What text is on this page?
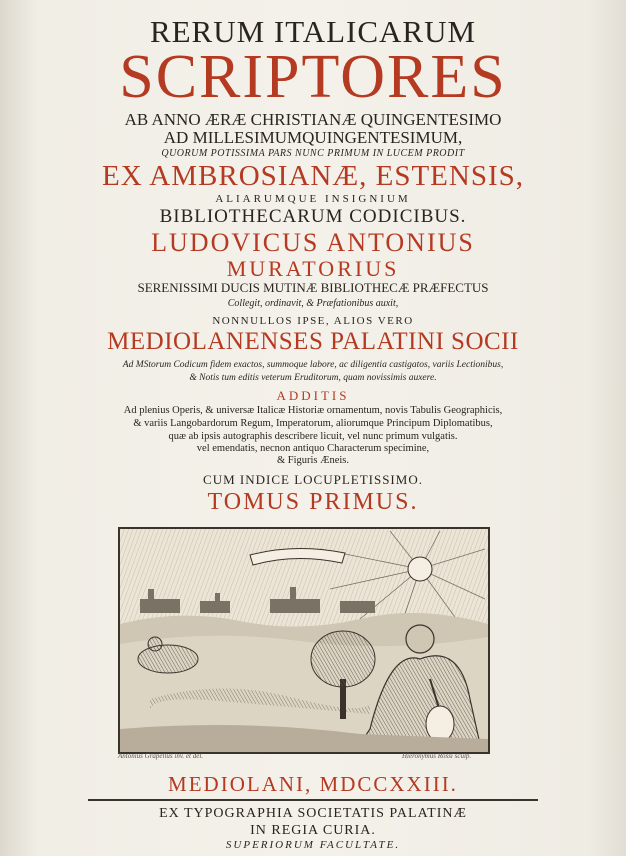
RERUM ITALICARUM
SCRIPTORES
AB ANNO ÆRÆ CHRISTIANÆ QUINGENTESIMO
AD MILLESIMUMQUINGENTESIMUM,
QUORUM POTISSIMA PARS NUNC PRIMUM IN LUCEM PRODIT
EX AMBROSIANÆ, ESTENSIS,
ALIARUMQUE INSIGNIUM
BIBLIOTHECARUM CODICIBUS.
LUDOVICUS ANTONIUS
MURATORIUS
SERENISSIMI DUCIS MUTINÆ BIBLIOTHECÆ PRÆFECTUS
Collegit, ordinavit, & Præfationibus auxit,
NONNULLOS IPSE, ALIOS VERO
MEDIOLANENSES PALATINI SOCII
Ad MStorum Codicum fidem exactos, summoque labore, ac diligentia castigatos, variis Lectionibus,
& Notis tum editis veterum Eruditorum, quam novissimis auxere.
ADDITIS
Ad plenius Operis, & universæ Italicæ Historiæ ornamentum, novis Tabulis Geographicis,
& variis Langobardorum Regum, Imperatorum, aliorumque Principum Diplomatibus,
quæ ab ipsis autographis describere licuit, vel nunc primum vulgatis.
vel emendatis, necnon antiquo Characterum specimine,
& Figuris Æneis.
CUM INDICE LOCUPLETISSIMO.
TOMUS PRIMUS.
Antonius Grapellus inv. et del.	Hieronymus Rossi sculp.
MEDIOLANI, MDCCXXIII.
EX TYPOGRAPHIA SOCIETATIS PALATINÆ
IN REGIA CURIA.
SUPERIORUM FACULTATE.
